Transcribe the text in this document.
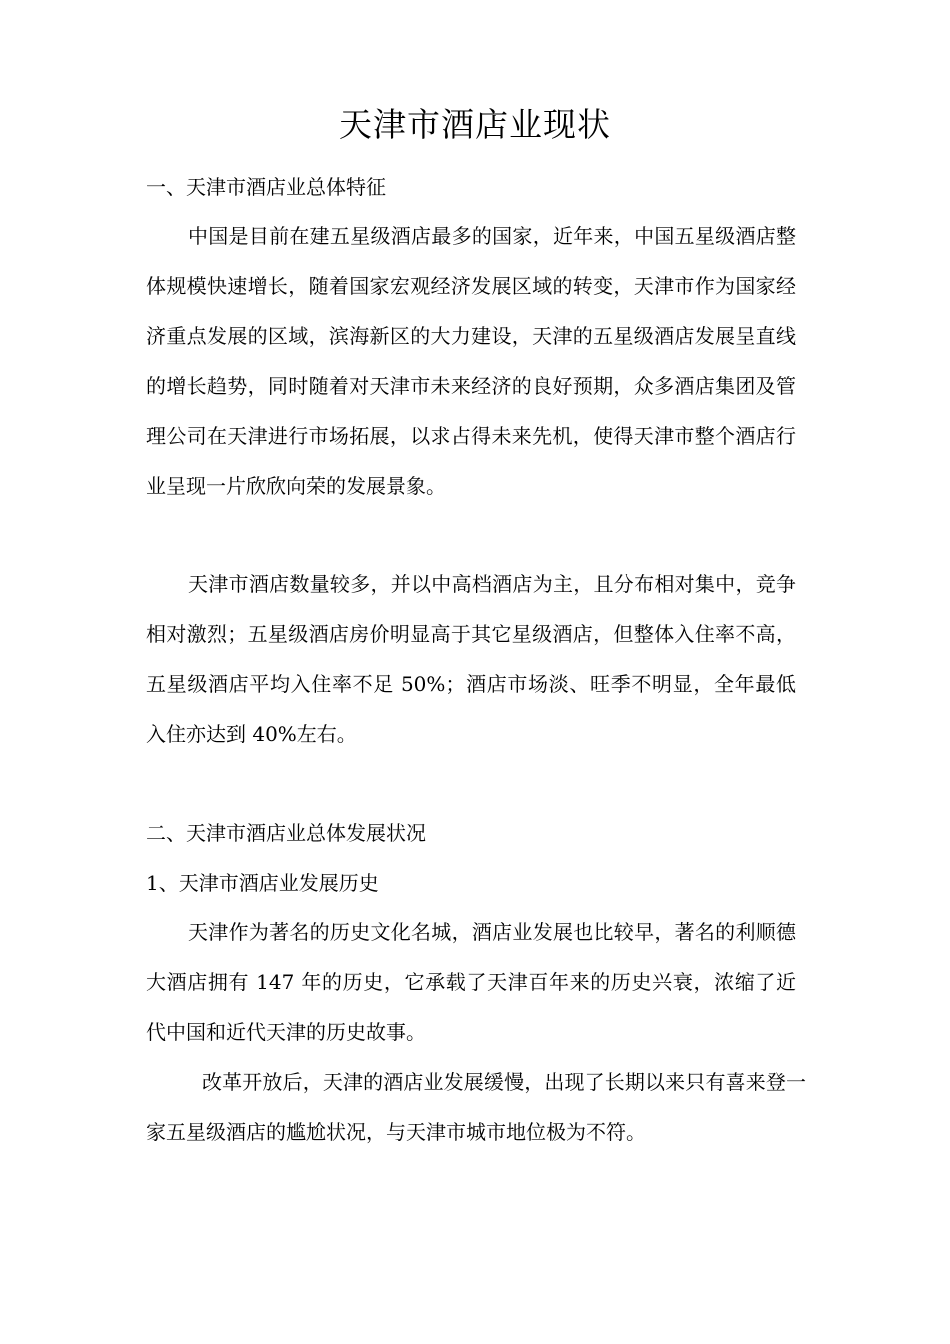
天津市酒店业现状
一、天津市酒店业总体特征

中国是目前在建五星级酒店最多的国家，近年来，中国五星级酒店整体规模快速增长，随着国家宏观经济发展区域的转变，天津市作为国家经济重点发展的区域，滨海新区的大力建设，天津的五星级酒店发展呈直线的增长趋势，同时随着对天津市未来经济的良好预期，众多酒店集团及管理公司在天津进行市场拓展，以求占得未来先机，使得天津市整个酒店行业呈现一片欣欣向荣的发展景象。

天津市酒店数量较多，并以中高档酒店为主，且分布相对集中，竞争相对激烈；五星级酒店房价明显高于其它星级酒店，但整体入住率不高，五星级酒店平均入住率不足 50%；酒店市场淡、旺季不明显，全年最低入住亦达到 40%左右。

二、天津市酒店业总体发展状况
1、天津市酒店业发展历史

天津作为著名的历史文化名城，酒店业发展也比较早，著名的利顺德大酒店拥有 147 年的历史，它承载了天津百年来的历史兴衰，浓缩了近代中国和近代天津的历史故事。

改革开放后，天津的酒店业发展缓慢，出现了长期以来只有喜来登一家五星级酒店的尴尬状况，与天津市城市地位极为不符。
